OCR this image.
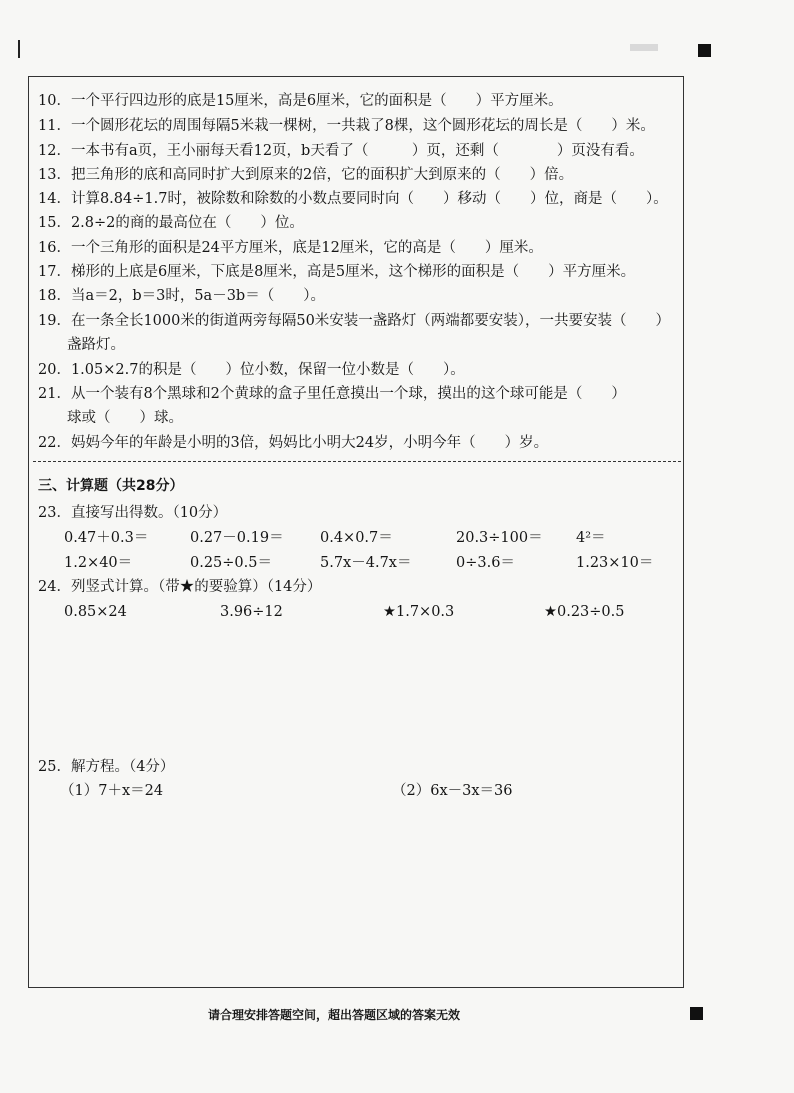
10．一个平行四边形的底是15厘米，高是6厘米，它的面积是（　　）平方厘米。
11．一个圆形花坛的周围每隔5米栽一棵树，一共栽了8棵，这个圆形花坛的周长是（　　）米。
12．一本书有a页，王小丽每天看12页，b天看了（　　　）页，还剩（　　　　）页没有看。
13．把三角形的底和高同时扩大到原来的2倍，它的面积扩大到原来的（　　）倍。
14．计算8.84÷1.7时，被除数和除数的小数点要同时向（　　）移动（　　）位，商是（　　）。
15．2.8÷2的商的最高位在（　　）位。
16．一个三角形的面积是24平方厘米，底是12厘米，它的高是（　　）厘米。
17．梯形的上底是6厘米，下底是8厘米，高是5厘米，这个梯形的面积是（　　）平方厘米。
18．当a＝2，b＝3时，5a－3b＝（　　）。
19．在一条全长1000米的街道两旁每隔50米安装一盏路灯（两端都要安装），一共要安装（　　）
　　盏路灯。
20．1.05×2.7的积是（　　）位小数，保留一位小数是（　　）。
21．从一个装有8个黑球和2个黄球的盒子里任意摸出一个球，摸出的这个球可能是（　　）
　　球或（　　）球。
22．妈妈今年的年龄是小明的3倍，妈妈比小明大24岁，小明今年（　　）岁。
三、计算题（共28分）
23．直接写出得数。（10分）
0.47＋0.3＝	0.27－0.19＝	0.4×0.7＝	20.3÷100＝ 4²＝
1.2×40＝	0.25÷0.5＝	5.7x－4.7x＝	0÷3.6＝	1.23×10＝
24．列竖式计算。（带★的要验算）（14分）
0.85×24	3.96÷12	★1.7×0.3	★0.23÷0.5
25．解方程。（4分）
（1）7＋x＝24	（2）6x－3x＝36
请合理安排答题空间，超出答题区域的答案无效
